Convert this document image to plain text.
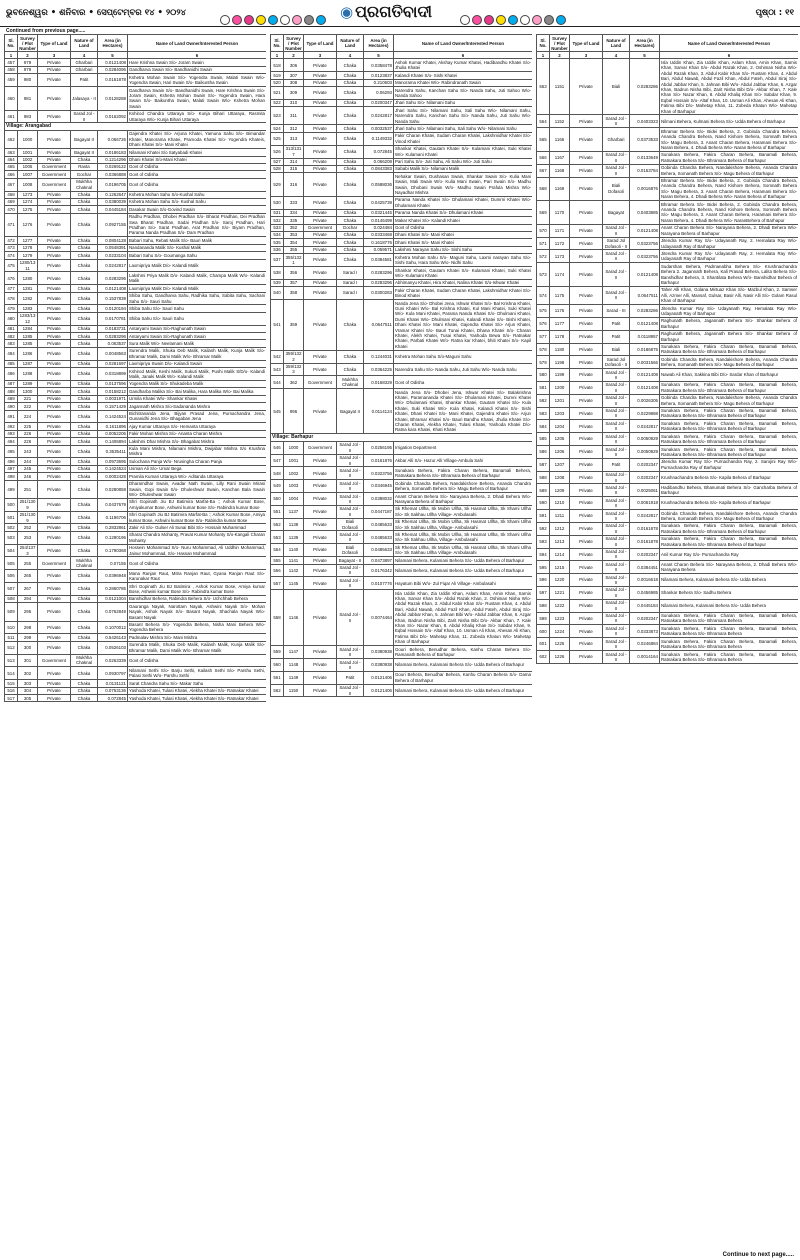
ଭୁବନେଶ୍ୱର • ଶନିବାର • ସେପ୍ଟେମ୍ବର ୧୪ • ୨୦୨୪	◉ ପ୍ରଗତିବାଦୀ	ପୃଷ୍ଠା : ୧୧
Continued from previous page.....
Sl. No.	Survey / Plot Number	Type of Land	Nature of Land	Area (in Hectares)	Name of Land Owner/Interested Person
1	2	3	4	5	6
457	979	Private	Gharbari	0.0121408	Hare Krishna Swain S/o- Joram Swain
458	979	Private	Gharbari	0.0284096	Gandharva Swain S/o- Bandhanidhi Swain
459	980	Private	Patit	0.0161878	Kshetra Mohan Swain S/o- Yogendra Swain, Malati Swain W/o- Yogendra Swain, Hari Swain S/o- Baikuntha Swain
460	981	Private	Jalasaya - II	0.0128288	Gandharva Swain S/o- Bandhanidhi Swain, Hare Krishna Swain S/o- Joram Swain, Kshetra Mohan Swain S/o- Yogendra Swain, Hara Swain S/o- Baikuntha Swain, Malati Swain W/o- Kshetra Mohan Swain
461	983	Private	Sarad Jol - II	0.0162092	Kshirod Chandra Uttaraya S/o- Kunja Bihari Uttaraya, Rasmita Uttaraya W/o- Kunja Bihari Uttaraya
Village: Arangabad					
462	1000	Private	Bagayat II	0.066726	Gajendra Khatei S/o- Arjuna Khatei, Yamuna Sahu S/o- Bimandar Khatei, Manorama Khatei, Pramoda Khatei S/o- Yogendra Khateis, Dhani Khatei S/o- Mani Khatei
463	1001	Private	Bagayat II	0.0186183	Nilamani Khatei S/o Satyabadi Khatei
464	1002	Private	Chaka	0.1214296	Dhani Khatei S/o-Mani Khatei
465	1005	Government	Rasta	0.0269122	Govt of Odisha
466	1007	Government	Gochar	0.0366888	Govt of Odisha
467	1008	Government	Mukhha Chaknal	0.0196705	Govt of Odisha
468	1273	Private	Chaka	0.1262647	Kshetra Mohan Sahu S/o-Kushal Sahu
469	1274	Private	Chaka	0.0380039	Kshetra Mohan Sahu S/o- Kushal Sahu
470	1275	Private	Chaka	0.0445184	Dasakar Swain S/o-Govind Swain
471	1276	Private	Chaka	0.0927155	Radhu Pradhan, Dhobei Pradhan S/o- Bharat Pradhan, Dei Pradhan Swa Bharat Pradhan, Sadai Pradhan S/o- Saroj Pradhan, Hari Pradhan S/o- Sarat Pradhan, Arat Pradhan S/o- Biyam Pradhan, Parama Nanda Pradhan S/o- Dam Pradhan
472	1277	Private	Chaka	0.0804128	Babari Sahu, Rebati Malik S/o- Bauri Malik
473	1278	Private	Chaka	0.0548391	Nandananda Malik S/o- Kushal Malik
474	1279	Private	Chaka	0.0233104	Babari Sahu S/o- Goumanga Sahu
475	1280/1311	Private	Chaka	0.0242817	Laxmipriya Malik D/o- Kalandi Malik
476	1280	Private	Chaka	0.0283296	Lakshmi Priya Malik D/o- Kalandi Malik, Champa Malik W/o- Kalandi Malik
477	1281	Private	Chaka	0.0121408	Laxmipriya Malik D/o- Kalandi Malik
478	1282	Private	Chaka	0.1537839	Shiba Sahu, Gandharva Sahu, Radhika Sahu, Sabita Sahu, Sachani Sahu S/o- Sauri Sahu
479	1283	Private	Chaka	0.0120194	Shiba Sahu S/o- Sauri Sahu
480	1283/1312	Private	Chaka	0.0170781	Shiba Sahu S/o- Sauri Sahu
481	1284	Private	Chaka	0.0183731	Antaryami Swain S/o-Raghunath Swain
482	1285	Private	Chaka	0.0283296	Antaryami Swain S/o-Raghunath Swain
483	1285	Private	Chaka	0.063537	Sura Malik W/o- Neelamani Malik
484	1286	Private	Chaka	0.0048563	Surendra Malik, Shuka Deb Malik, Kailash Malik, Kunja Malik S/o- Bhramar Malik, Dami Malik W/o- Bhramar Malik
485	1287	Private	Chaka	0.0281697	Laxmipriya Swain D/o- Kalandi Swain
486	1288	Private	Chaka	0.0318899	Kshirod Malik, Keshi Malik, Sukuti Malik, Pushi Malik S/D/o- Kalandi Malik, Janaki Malik W/o- Kalandi Malik
487	1289	Private	Chaka	0.0137596	Yogendra Malik S/o- Shukadeba Malik
488	1300	Private	Chaka	0.0158212	Gandharba Malika S/o- Bai Malika, Hara Malika W/o- Bai Malika
489	221	Private	Chaka	0.0031971	Urmila Khatei W/o- Shankar Khatei
490	222	Private	Chaka	0.1571429	Jagannath Mishra S/o-Sadananda Mishra
491	224	Private	Chaka	0.1424524	Bichitrananda Jena, Bijyan Prasad Jena, Purnachandra Jena, Gunanidhi Jena S/o- Bhagaban Jena
492	225	Private	Chaka	0.1611896	Ajay Kumar Uttaraya S/o- Hemanta Uttaraya
493	226	Private	Chaka	0.0052206	Fakir Mohan Mishra S/o- Ananta Charan Mishra
494	226	Private	Chaka	0.1406894	Lakshmi Dhar Mishra S/o- Bhagabat Mishra
495	243	Private	Chaka	0.3535411	Kula Mani Mishra, Nilamani Mishra, Dwijabar Mishra S/o Krushna Mishra
496	244	Private	Chaka	0.0973695	Sulochana Panja W/o- Nrusingha Charan Panja
497	245	Private	Chaka	0.1424524	Usman Ali S/o- Umar Bega
498	246	Private	Chaka	0.0002428	Pramila Kumari Uttaraya W/o- Aditanda Uttaraya
499	251	Private	Chaka	0.0280858	Dharamdhar Swain, Avadar Nath Swain, Lilly Rani Swain Mirasi Swain, Gopi Swain S/o- Dhuleshwar Swain, Kanchan Bala Swain W/o- Dhuleshwar Swain
500	251/1309	Private	Chaka	0.0437679	Shri Gopinath Jiu BJ Batimira Marfat-Ba :; Ashok Kumar Bose, Amiyakumar Bose, Ashwini kumar Bose S/o- Rabindra kumar Bose
501	251/1309	Private	Chaka	0.1196706	Shri Gopinath Jiu BJ Batimira Marfat-Ba :; Ashok Kumar Bose, Amiya kumar Bose, Ashwini kumar Bose S/o- Rabindra kumar Bose
502	252	Private	Chaka	0.2832861	Zakir Ali S/o- Gulser Ali Sunai Bibi S/o- Hossain Muhammad
503	253	Private	Chaka	0.1290196	Sharat Chandra Mohanty, Pravat Kumar Mohanty S/o-Kangali Charan Mohanty
504	254/1373	Private	Chaka	0.1790368	Hossein Mohammad S/o- Nuru Mohammad, Ali Uddhin Mohammad, Jainur Mohammad, S/o- Hassan Mohammad
505	255	Government	Mukhha Chaknal	0.07155	Govt of Odisha
506	265	Private	Chaka	0.0396948	Mana Ranjan Raut, Mitra Ranjan Raut, Gyana Ranjan Raut S/o- Karunakar Raut
507	267	Private	Chaka	0.2860785	Shri Gopinath Jiu BJ Batimira , Ashok Kumar Bose, Amiya kumar Bose, Ashwini kumar Bose S/o- Rabindra kumar Bose
508	294	Private	Chaka	0.0121004	Banshidhar Behera, Rabindra Behera S/o- Uchchhab Behera
509	295	Private	Chaka	0.0762849	Gauranga Nayak, Narottam Nayak, Ashwini Nayak S/o- Mohan Nayak, Ashok Nayak S/o- Basant Nayak, Shachala Nayak W/o- Basant Nayak
510	298	Private	Chaka	0.1070012	Basant Behera S/o- Yogendra Behera, Nisha Mani Behera W/o- Yogendra Behera
511	299	Private	Chaka	0.5426143	Padmalav Mishra S/o- Mani Mishra
512	300	Private	Chaka	0.0526103	Surendra Malik, Shuka Deb Malik, Kailash Malik, Kunja Malik S/o- Bhramar Malik, Dami Malik W/o- Bhramar Malik
513	301	Government	Mukhha Chaknal	0.0263339	Govt of Odisha
514	302	Private	Chaka	0.0930797	Nilamani Sethi S/o- Barju Sethi, Kailash Sethi S/o- Parshu Sethi, Palasi Sethi W/o- Parshu Sethi
515	303	Private	Chaka	0.0131121	Sarat Chandra Sahu S/o- Makar Sahu
516	304	Private	Chaka	0.0753136	Yashoda Khatei, Tulasi Khatei, Alekha Khatei S/o- Ratnakar Khatei
517	305	Private	Chaka	0.072845	Yashoda Khatei, Tulasi Khatei, Alekha Khatei S/o- Ratnakar Khatei
Sl. No.	Survey / Plot Number	Type of Land	Nature of Land	Area (in Hectares)	Name of Land Owner/Interested Person
1	2	3	4	5	6
518	306	Private	Chaka	0.0358478	Ashok Kumar Khatei, Akshay Kumar Khatei, Hadibandhu Khatei S/o- Jhulia Khatei
519	307	Private	Chaka	0.0123837	Kalandi Khatei S/o- Sishi Khatei
520	308	Private	Chaka	0.210603	Manorama Khatei W/o- Rabindranath Swain
521	309	Private	Chaka	0.06293	Narendra Sahu, Kanchan Sahu S/o- Nanda Sahu, Juti Sahoo W/o- Nanda Sahoo
522	310	Private	Chaka	0.0200347	Jhari Sahu S/o- Nilamani Sahu
523	311	Private	Chaka	0.0242817	Jhari Sahu S/o- Nilamani Sahu, Sali Sahu W/o- Nilamani Sahu, Narendra Sahu, Kanchan Sahu S/o- Nanda Sahu, Juti Sahu W/o- Nanda Sahu
524	312	Private	Chaka	0.0032537	Jhari Sahu S/o- Nilamani Sahu, Sali Sahu W/o- Nilamani Sahu
525	313	Private	Chaka	0.1149332	Fakir Charan Khatei, Sudam Charan Khatei, Lakshmidhar Khatei S/o- Vinod Khatei
526	313/1317	Private	Chaka	0.072845	Shankar Khatei, Gautam Khatei S/o- Kulamani Khatei, Suki Khatei W/o- Kulamani Khatei
527	314	Private	Chaka	0.066208	Pari Sahu S/o- Juti Sahu, Ali Sahu W/o- Juti Sahu
528	315	Private	Chaka	0.0843383	Sababi Malik S/o- Nilamani Malik
529	316	Private	Chaka	0.0588036	Nehakar Swain, Dushasan Swain, Shankar Swain S/o- Kulia Mani Swain, Mali Swain W/o- Kulia Mani Swain, Pari Swain S/o- Madhu Swain, Dhobani Swain W/o- Madhu Swain Prafula Mishra W/o- Nayadhar Mishra
530	333	Private	Chaka	0.0425739	Parama Nanda Khatei S/o- Dhulamani Khatei, Dumrni Khatei W/o- Dhulamani Khatei
531	334	Private	Chaka	0.0321445	Parama Nanda Khatei S/o- Dhulamani Khatei
532	335	Private	Chaka	0.0146499	Makar Khatei S/o- Kalandi Khatei
533	352	Government	Gochar	0.024484	Govt of Odisha
534	353	Private	Chaka	0.0333468	Dhani Khatei S/o- Mani Khatei
535	354	Private	Chaka	0.1618776	Dhani Khatei S/o- Mani Khatei
536	355	Private	Chaka	0.059571	Lakshmi Narayan Sahu S/o- Sishi Sahu
537	355/1321	Private	Chaka	0.0384581	Kshetra Mohan Sahu S/o- Maguni Sahu, Laxmi narayan Sahu S/o- Sishi Sahu, Hara Sahu W/o- Nidhi Sahu
538	356	Private	Sarad I	0.0283296	Shankar Khatei, Gautam Khatei S/o- Kulamani Khatei, Suki Khatei W/o- Kulamani Khatei
539	357	Private	Sarad I	0.0283296	Abhimanyu Khatei, Hira Khatei, Nalina Khatei S/o-Ishwar Khatei
540	358	Private	Sarad I	0.0300283	Fakir Charan Khatei, Sudam Charan Khatei, Lakshmidhar Khatei S/o- Binod Khatei
541	359	Private	Chaka	0.0647511	Nanda Jena S/o- Dhobei Jena, Ishwar Khatei S/o- Bal Krishna Khatei, Guni Khatei W/o- Bal Krishna Khatei, Kul Mani Khatei, Suki Khatei W/o- Kula Mani Khatei, Parama Nanda Khatei S/o- Dhulmani Khatei, Dumi Khatei W/o- Dhulmani Khatei, Kalandi Khatei S/o- Bishi Khatei, Dhani Khatei S/o- Mani Khatei, Gajendra Khatei S/o- Arjun Khatei, Vramar Khatei S/o- Bauri Tunai Khatei, Dhana Khatei S/o- Charan Khatei, Alekh Khatei, Tusai Khatei, Yashoda Bewa S/o- Ratnakar Khatei, Parbati Khatei W/o- Ratna kar Khatei, bhiti Khatei S/o- Kapil Khatei
542	359/1322	Private	Chaka	0.1244031	Kshetra Mohan Sahu S/o-Maguni Sahu
543	359/1323	Private	Chaka	0.0364225	Narendra Sahu S/o- Nanda Sahu, Juti Sahu W/o- Nanda Sahu
544	362	Government	Mukhha Chaknal	0.0168329	Govt of Odisha
545	996	Private	Bagayat II	0.0114124	Nanda Jena S/o- Dhobei Jena, Ishwar Khatei S/o- Balakrishna Khatei, Paramananda Khatei S/o- Dhulamani Khatei, Dumni Khatei W/o- Dhulamani Khatei, Shankar Khatei, Gautam Khatei S/o- Kula Khatei, Suki Khatei W/o- Kula Khatei, Kalandi Khatei S/o- Sishi Khatei, Dhani Khatei S/o- Mani Khatei, Gajendra Khatei S/o- Arjun Khatei, Bhramar Khatei S/o- Bauri Bandhu Khatei, Jhulia Khatei S/o- Charan Khatei, Alekha Khatei, Tulasi Khatei, Yashoda Khatei D/o- Ratna kara Khatei, Khati Khatei
Village: Barhapur					
546	1000	Government	Sarad Jol - II	0.0256195	Irrigation Department
547	1001	Private	Sarad Jol - II	0.0161876	Akbar Alli S/o- Hazur Alli Village-Ambula Sahi
548	1002	Private	Sarad Jol - II	0.0323756	Sunakara Behera, Fakira Charan Behera, Banamali Behera, Ratnakara Behera S/o- Bhramara Behera of Barhapur
549	1003	Private	Sarad Jol - II	0.0346945	Gobinda Chandra Behera, Nandakishore Behera, Ananda Chandra Behera, Somanath Behera S/o- Magu Behera of Barhapur
550	1004	Private	Sarad Jol - II	0.0388032	Anant Charan Behera S/o- Narayana Behera, 2. Dhadi Behera W/o-Narayana Behera of Barhapur
551	1137	Private	Sarad Jol - II	0.0447187	Sk Rhemat Ullha, Sk Mobin Ullha, Sk Hasmat Ullha, Sk Shami Ullha S/o- Sk Sakhau Ullha Village- Ambulasahi
552	1138	Private	Biali Dofasoli	0.0485633	Sk Rhemat Ullha, Sk Mobin Ullha, Sk Hasmat Ullha, Sk Shami Ullha S/o- Sk Sakhau Ullha, Village- Ambulasahi
553	1139	Private	Sarad Jol - II	0.0485633	Sk Rhemat Ullha, Sk Mobin Ullha, Sk Hasmat Ullha, Sk Shami Ullha S/o- Sk Sakhau Ullha, Village- Ambulasahi
554	1140	Private	Biali Dofasoli	0.0485633	Sk Rhemat Ullha, Sk Mobin Ullha, Sk Hasmat Ullha, Sk Shami Ullha S/o- Sk Sakhau Ullha Village- Ambulasahi
555	1141	Private	Bagayat - II	0.0473897	Nilamani Behera, Kulamani Behera S/o- Udda Behera of Barhapur
556	1142	Private	Sarad Jol - II	0.0176342	Nilamani Behera, Kulamani Behera S/o- Udda Behera of Barhapur
557	1145	Private	Sarad Jol - II	0.0107776	Hayatum Bibi W/o- Zul Fiqar Ali Village- Ambulasahi
558	1146	Private	Sarad Jol - II	0.0074464	Isla Uddin Khan, Zia Uddin Khan, Aslam Khan, Amin Khan, Sarnis Khan, Sarvar Khan S/o- Abdul Razak Khan, 2. Oshiman Nisha W/o- Abdul Razak Khan, 3. Abdul Kabir Khan S/o- Rustam Khan, 4. Abdul Bari, Abdul Nawab, Abdul Fazil Khan, Abdul Fateh, Abdul Siraj S/o- Abdul Jabbar Khan, 5. Jahnan Bibi W/o- Abdul Jabbar Khan, 6. Azgar Khan, Badrun Nisha Bibi, Zarit Nisha Bibi D/o- Akbar Khan, 7. Kale Khan S/o- Nazar Khan, 8. Abdul Khaliq Khan S/o- Sabdar Khan, 9. Eqbal Hossain S/o- Altaf Khan, 10. Usman Ali Khan, Ahesan Ali Khan, Fatima Bibi D/o- Mahetap Khan, 11. Zobeda Khatun W/o- Mahetap Khan of Barhapur
559	1147	Private	Sarad Jol - II	0.0380938	Gouri Behera, Benudhar Behera, Kanhu Charan Behera S/o- Ramanath Behera of Barhapur
560	1148	Private	Sarad Jol - II	0.0380938	Nilamani Behera, Kulamani Behera S/o- Udda Behera of Barhapur
561	1149	Private	Patit	0.0121406	Gouri Behera, Benudhar Behera, Kanhu Charan Behera S/o- Dama Behera of Barhapur
562	1150	Private	Sarad Jol - II	0.0121406	Nilamani Behera, Kulamani Behera S/o- Udda Behera of Barhapur
Sl. No.	Survey / Plot Number	Type of Land	Nature of Land	Area (in Hectares)	Name of Land Owner/Interested Person
1	2	3	4	5	6
563	1151	Private	Biali	0.0283286	Isla Uddin Khan, Zia Uddin Khan, Aslam Khan, Amin Khan, Sarnis Khan, Sarvar Khan S/o- Abdul Razak Khan, 2. Oshiman Nisha W/o- Abdul Razak Khan, 3. Abdul Kabir Khan S/o- Rustam Khan, 4. Abdul Bari, Abdul Nawab, Abdul Fazil Khan, Abdul Fateh, Abdul Siraj S/o- Abdul Jabbar Khan, 5. Jahnan Bibi W/o- Abdul Jabbar Khan, 6. Azgar Khan, Badrun Nisha Bibi, Zarit Nisha Bibi D/o- Akbar Khan, 7. Kale Khan S/o- Nazar Khan, 8. Abdul Khaliq Khan S/o- Sabdar Khan, 9. Eqbal Hossain S/o- Altaf Khan, 10. Usman Ali Khan, Ahesan Ali Khan, Fatima Bibi D/o- Mahetap Khan, 11. Zobeda Khatun W/o- Mahetap Khan of Barhapur
564	1152	Private	Sarad Jol - II	0.0403323	Nilmani Behera, Kulmani Behera S/o- Udda Behera of Barhapur
565	1166	Private	Gharbari	0.0373533	Bhramar Behera S/o- Bidei Behera, 2. Gobinda Chandra Behera, Ananda Chandra Behera, Nand Kishore Behera, Somnath Behera S/o- Magu Behera, 3. Anant Charan Behera, Haramani Behera S/o- Naran Behera, 4. Dhadi Behera W/o- Naran Behera of Barhapur
566	1167	Private	Sarad Jol - II	0.0133649	Sunakara Behera, Fakira Charan Behera, Banamali Behera, Ratnakara Behera S/o- Bhramara Behera of Barhapur
567	1168	Private	Sarad Jol - II	0.0153784	Gobinda Chandra Behera, Nandakishore Behera, Ananda Chandra Behera, Somanath Behera S/o- Magu Behera of Barhapur
568	1169	Private	Biali Dofasoli	0.0016876	Bhramar Behera S/o- Bidei Behera, 2. Gobinda Chandra Behera, Ananda Chandra Behera, Nand Kishore Behera, Somnath Behera S/o- Magu Behera, 3. Anant Charan Behera, Haramani Behera S/o- Naran Behera, 4. Dhadi Behera W/o- Naran Behera of Barhapur
569	1170	Private	Bagayat	0.0403885	Bhramar Behera S/o- Bidei Behera, 2. Gobinda Chandra Behera, Ananda Chandra Behera, Nand Kishore Behera, Somnath Behera S/o- Magu Behera, 3. Anant Charan Behera, Haramani Behera S/o- Naran Behera, 4. Dhadi Behera W/o- NaranBehera of Barhapur
570	1171	Private	Sarad Jol - II	0.0121408	Anant Charan Behera S/o- Narayana Behera, 2. Dhadi Behera W/o- Narayana Behera of Barhapur
571	1172	Private	Sarad Jol Dofasoli - II	0.0323756	Jitendra Kumar Ray S/o- Udayanath Ray, 2. Hemalata Ray W/o- Udayanath Ray of Barhapur
572	1173	Private	Sarad Jol - II	0.0323756	Jitendra Kumar Ray S/o- Udayanath Ray, 2. Hemalata Ray W/o- Udayanath Ray of Barhapur
573	1174	Private	Sarad Jol - II	0.0121408	Sudarshan Behera, Padmanabha Behera S/o- Krushnachandra Behera 2. Jagannath Behera, Kali Prasad Behera, Lalita Behera S/o- Banshidhar Behera, 3. Shantilata Behera W/o- Banshidhar Behera of Barhapur
574	1175	Private	Sarad Jol - II	0.0647511	Taher Alli Khan, Golana Mirtuaz Khan S/o- Mazbul Khan, 2. Samser Alli, Azmer Alli, Mansaf, Gulsar, Basir Alli, Nasir Alli S/o- Golam Rasul Khan of Barhapur
575	1176	Private	Sarad - III	0.0283286	Jitendra Kumar Ray S/o- Udayanath Ray, Hemalata Ray W/o- Udayanath Ray of Barhapur
576	1177	Private	Patit	0.0121408	Raghunath Behera, Jagannath Behera S/o- Shankar Behera of Barhapur
577	1178	Private	Patit	0.0118957	Raghunath Behera, Jagannath Behera S/o- Shankar Behera of Barhapur
578	1180	Private	Biali	0.0186875	Sunakara Behera, Fakira Charan Behera, Banamali Behera, Ratnakara Behera S/o- Bhramara Behera of Barhapur
579	1198	Private	Sarad Jol Dofasoli - II	0.0031566	Gobinda Chandra Behera, Nandakishore Behera, Ananda Chandra Behera, Somanath Behera S/o- Magu Behera of Barhapur
580	1199	Private	Sarad Jol - II	0.0121408	Nawab Ali Khan, Sakkina Bibi D/o- Sardar Khan of Barhapur
581	1200	Private	Sarad Jol - II	0.0121408	Sunakara Behera, Fakira Charan Behera, Banamali Behera, Ratnakara Behera S/o- Bhramara Behera of Barhapur
582	1201	Private	Sarad Jol - II	0.0026305	Gobinda Chandra Behera, Nandakishore Behera, Ananda Chandra Behera, Somanath Behera S/o- Magu Behera of Barhapur
583	1203	Private	Sarad Jol - II	0.0229888	Sunakara Behera, Fakira Charan Behera, Banamali Behera, Ratnakara Behera S/o- Bhramara Behera of Barhapur
584	1204	Private	Sarad Jol - II	0.0242817	Sunakara Behera, Fakira Charan Behera, Banamali Behera, Ratnakara Behera S/o- Bhramara Behera of Barhapur
585	1205	Private	Sarad Jol - II	0.0050929	Sunakara Behera, Fakira Charan Behera, Banamali Behera, Ratnakara Behera S/o- Bhramara Behera of Barhapur
586	1206	Private	Sarad Jol - II	0.0050929	Sunakara Behera, Fakira Charan Behera, Banamali Behera, Ratnakara Behera S/o- Bhramara Behera of Barhapur
587	1207	Private	Patit	0.0202347	Jitendra Kumar Ray S/o- Purnachandra Ray, 2. Sarojini Ray W/o- Purnachandra Ray of Barhapur
588	1208	Private	Sarad Jol - II	0.0202347	Krushnachandra Behera S/o- Kapila Behera of Barhapur
589	1209	Private	Sarad Jol - II	0.0025061	Hadibandhu Behera, Bhanumati Behera S/o- Gancharba Behera of Barhapur
590	1210	Private	Sarad Jol - II	0.0061918	Krushnachandra Behera S/o- Kapila Behera of Barhapur
591	1211	Private	Sarad Jol - II	0.0242817	Gobinda Chandra Behera, Nandakishore Behera, Ananda Chandra Behera, Somanath Behera S/o- Magu Behera of Barhapur
592	1212	Private	Sarad Jol - II	0.0161878	Sunakara Behera, Fakira Charan Behera, Banamali Behera, Ratnakara Behera S/o- Bhramara Behera of Barhapur
593	1213	Private	Sarad Jol - II	0.0161878	Sunakara Behera, Fakira Charan Behera, Banamali Behera, Ratnakara Behera S/o- Bhramara Behera of Barhapur
594	1214	Private	Sarad Jol - II	0.0202347	Anil Kumar Ray S/o- Purnachandra Ray
595	1215	Private	Sarad Jol - II	0.0384451	Anant Charan Behera S/o- Narayana Behera, 2. Dhadi Behera W/o- Narayana Behera
596	1220	Private	Sarad Jol - II	0.0016618	Nilamani Behera, Kulamani Behera S/o- Udda Behera
597	1221	Private	Sarad Jol - II	0.0456985	Shankar Behera S/o- Sadhu Behera
598	1222	Private	Sarad Jol - II	0.0445184	Nilamani Behera, Kulamani Behera S/o- Udda Behera
599	1223	Private	Sarad Jol - II	0.0202347	Sunakara Behera, Fakira Charan Behera, Banamali Behera, Ratnakara Behera S/o- Bhramara Behera
600	1224	Private	Sarad Jol - II	0.0333873	Sunakara Behera, Fakira Charan Behera, Banamali Behera, Ratnakara Behera S/o- Bhramara Behera
601	1225	Private	Sarad Jol - II	0.0246884	Sunakara Behera, Fakira Charan Behera, Banamali Behera, Ratnakara Behera S/o- Bhramara Behera
602	1226	Private	Sarad Jol - II	0.0014164	Sunakara Behera, Fakira Charan Behera, Banamali Behera, Ratnakara Behera S/o- Bhramara Behera
Continue to next page.....
